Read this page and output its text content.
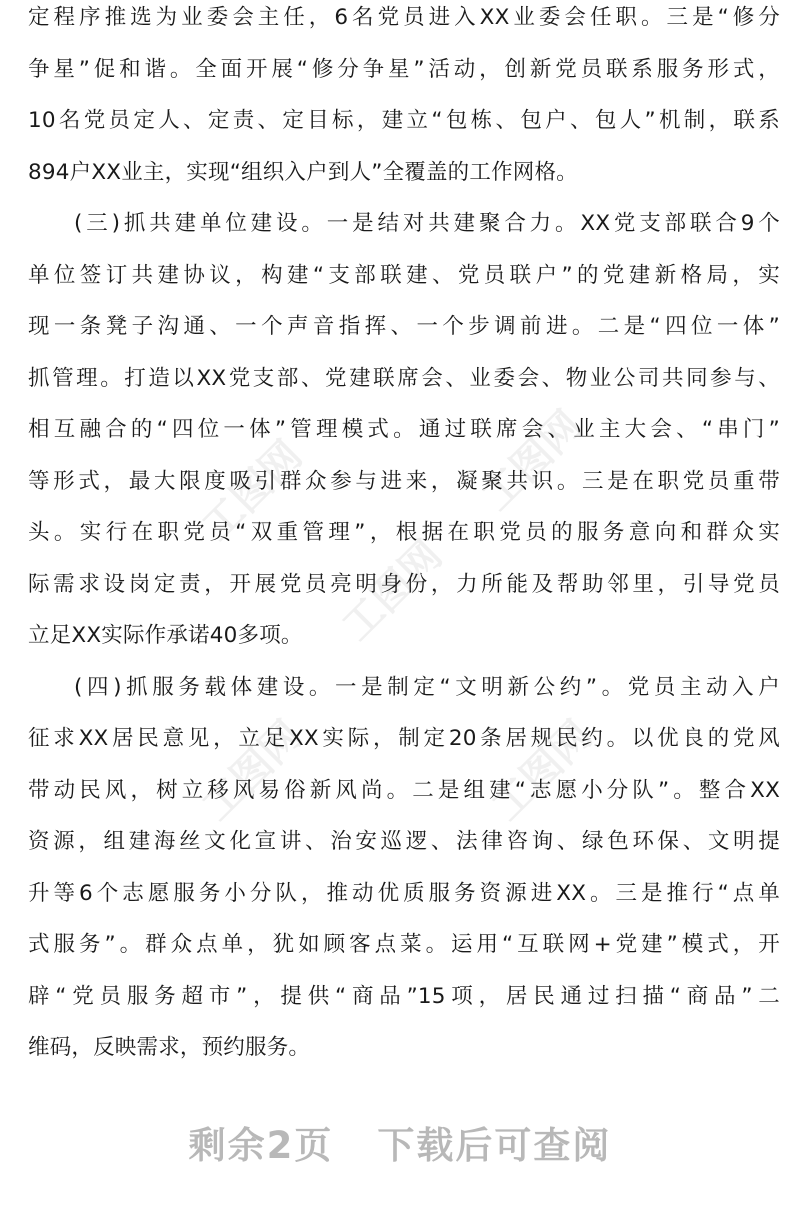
工图网	工图网
工图网
工图网	工图网
定程序推选为业委会主任，6名党员进入XX业委会任职。三是“修分
争星”促和谐。全面开展“修分争星”活动，创新党员联系服务形式，
10名党员定人、定责、定目标，建立“包栋、包户、包人”机制，联系
894户XX业主，实现“组织入户到人”全覆盖的工作网格。
(三)抓共建单位建设。一是结对共建聚合力。XX党支部联合9个
单位签订共建协议，构建“支部联建、党员联户”的党建新格局，实
现一条凳子沟通、一个声音指挥、一个步调前进。二是“四位一体”
抓管理。打造以XX党支部、党建联席会、业委会、物业公司共同参与、
相互融合的“四位一体”管理模式。通过联席会、业主大会、“串门”
等形式，最大限度吸引群众参与进来，凝聚共识。三是在职党员重带
头。实行在职党员“双重管理”，根据在职党员的服务意向和群众实
际需求设岗定责，开展党员亮明身份，力所能及帮助邻里，引导党员
立足XX实际作承诺40多项。
(四)抓服务载体建设。一是制定“文明新公约”。党员主动入户
征求XX居民意见，立足XX实际，制定20条居规民约。以优良的党风
带动民风，树立移风易俗新风尚。二是组建“志愿小分队”。整合XX
资源，组建海丝文化宣讲、治安巡逻、法律咨询、绿色环保、文明提
升等6个志愿服务小分队，推动优质服务资源进XX。三是推行“点单
式服务”。群众点单，犹如顾客点菜。运用“互联网+党建”模式，开
辟“党员服务超市”，提供“商品”15项，居民通过扫描“商品”二
维码，反映需求，预约服务。
剩余2页 下载后可查阅
